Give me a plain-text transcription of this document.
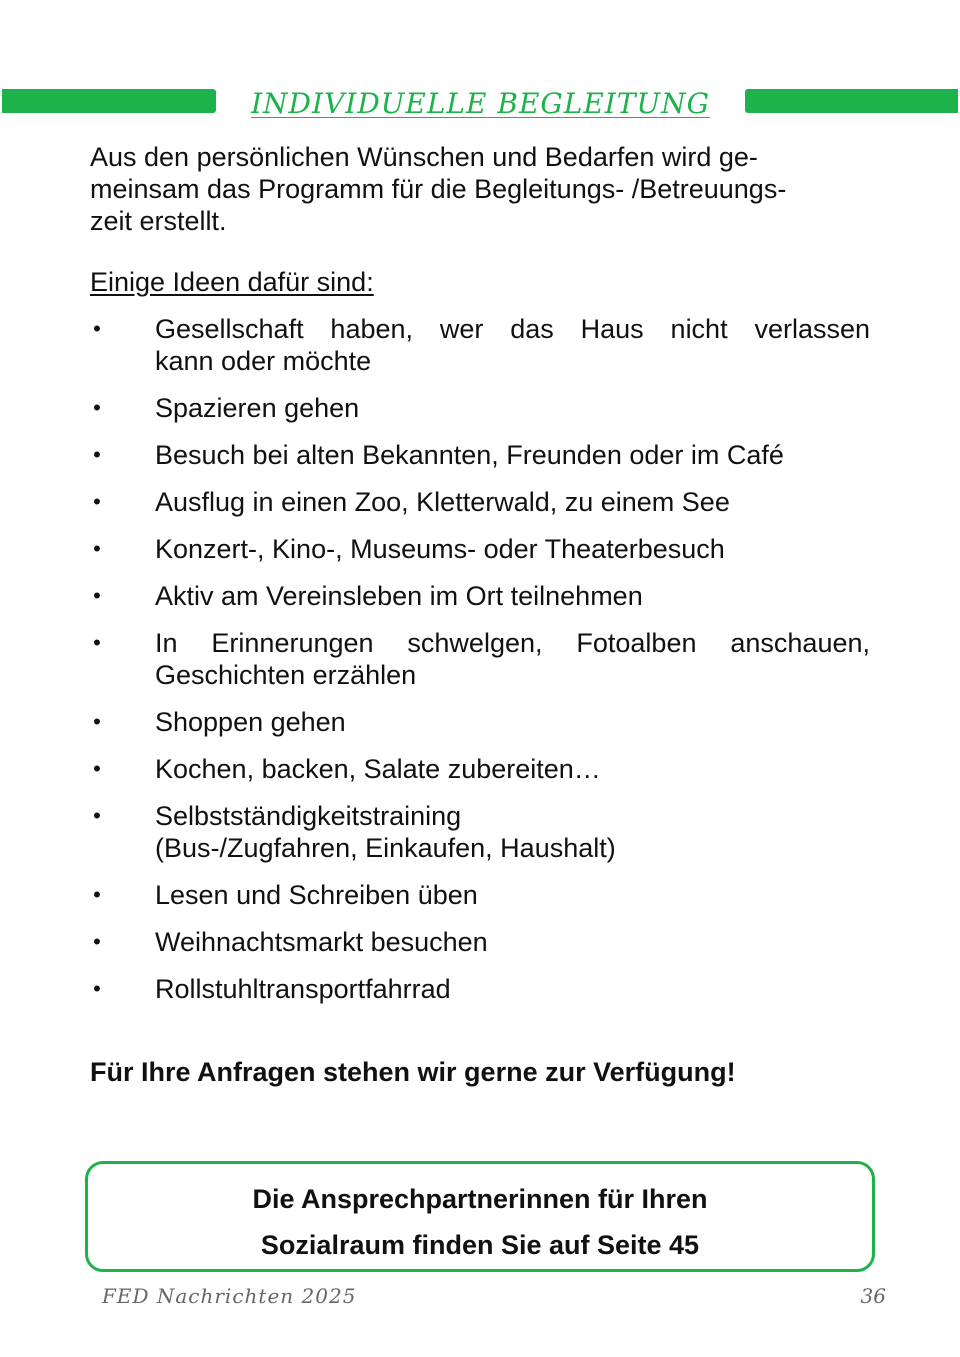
INDIVIDUELLE BEGLEITUNG
Aus den persönlichen Wünschen und Bedarfen wird ge-
meinsam das Programm für die Begleitungs- /Betreuungs-
zeit erstellt.
Einige Ideen dafür sind:
• Gesellschaft haben, wer das Haus nicht verlassen
kann oder möchte
• Spazieren gehen
• Besuch bei alten Bekannten, Freunden oder im Café
• Ausflug in einen Zoo, Kletterwald, zu einem See
• Konzert-, Kino-, Museums- oder Theaterbesuch
• Aktiv am Vereinsleben im Ort teilnehmen
• In Erinnerungen schwelgen, Fotoalben anschauen,
Geschichten erzählen
• Shoppen gehen
• Kochen, backen, Salate zubereiten…
• Selbstständigkeitstraining
(Bus-/Zugfahren, Einkaufen, Haushalt)
• Lesen und Schreiben üben
• Weihnachtsmarkt besuchen
• Rollstuhltransportfahrrad
Für Ihre Anfragen stehen wir gerne zur Verfügung!
Die Ansprechpartnerinnen für Ihren
Sozialraum finden Sie auf Seite 45
FED Nachrichten 2025	36
